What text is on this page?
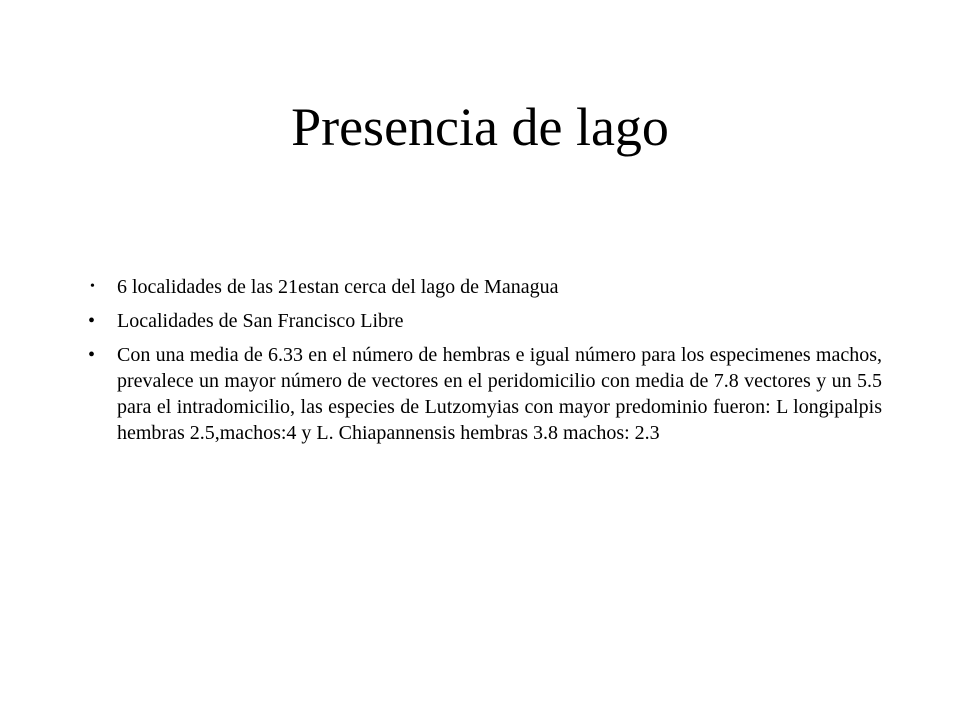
Presencia de lago
• 6 localidades de las 21estan cerca del lago de Managua
• Localidades de San Francisco Libre
• Con una media de 6.33 en el número de hembras e igual número para los especimenes machos, prevalece un mayor número de vectores en el peridomicilio con media de 7.8 vectores y un 5.5 para el intradomicilio, las especies de Lutzomyias con mayor predominio fueron: L longipalpis hembras 2.5,machos:4 y L. Chiapannensis hembras 3.8 machos: 2.3
